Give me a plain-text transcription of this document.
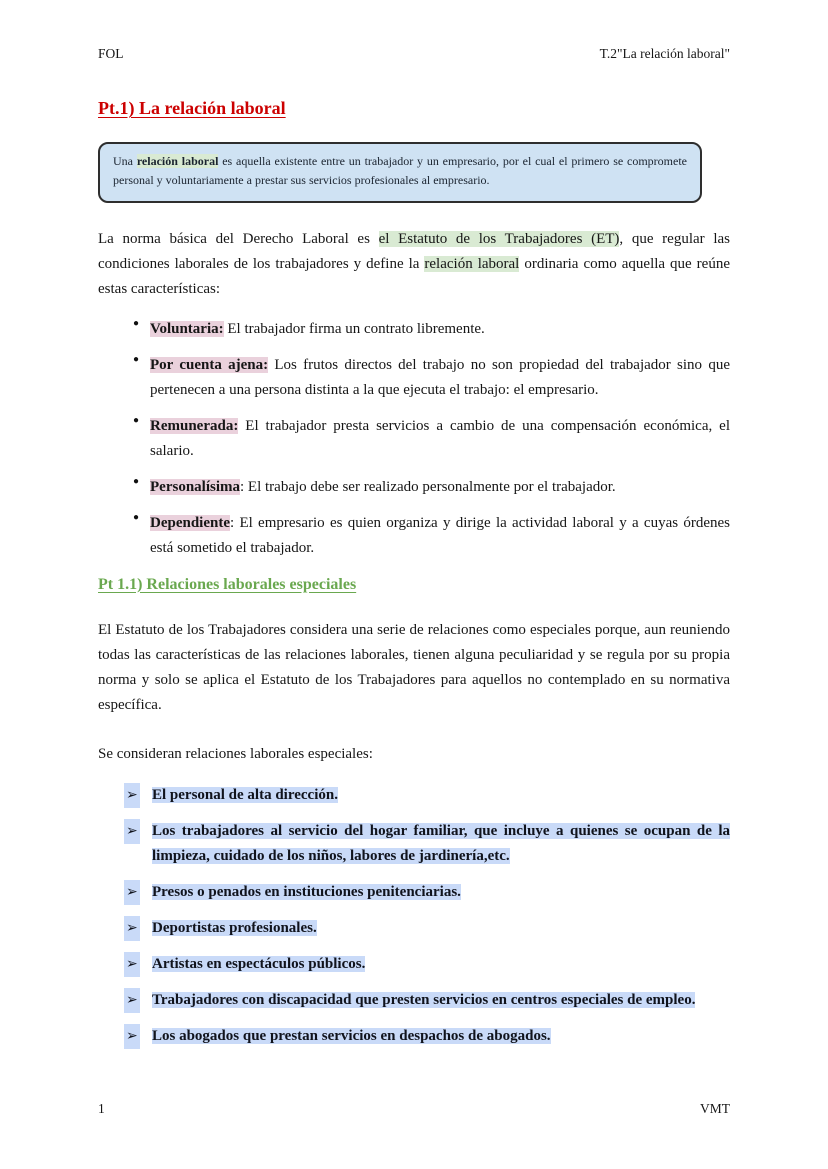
FOL	T.2"La relación laboral"
Pt.1) La relación laboral

Una relación laboral es aquella existente entre un trabajador y un empresario, por el cual el primero se compromete personal y voluntariamente a prestar sus servicios profesionales al empresario.

La norma básica del Derecho Laboral es el Estatuto de los Trabajadores (ET), que regular las condiciones laborales de los trabajadores y define la relación laboral ordinaria como aquella que reúne estas características:

● Voluntaria: El trabajador firma un contrato libremente.

● Por cuenta ajena: Los frutos directos del trabajo no son propiedad del trabajador sino que pertenecen a una persona distinta a la que ejecuta el trabajo: el empresario.

● Remunerada: El trabajador presta servicios a cambio de una compensación económica, el salario.

● Personalísima: El trabajo debe ser realizado personalmente por el trabajador.

● Dependiente: El empresario es quien organiza y dirige la actividad laboral y a cuyas órdenes está sometido el trabajador.

Pt 1.1) Relaciones laborales especiales

El Estatuto de los Trabajadores considera una serie de relaciones como especiales porque, aun reuniendo todas las características de las relaciones laborales, tienen alguna peculiaridad y se regula por su propia norma y solo se aplica el Estatuto de los Trabajadores para aquellos no contemplado en su normativa específica.

Se consideran relaciones laborales especiales:

➢ El personal de alta dirección.

➢ Los trabajadores al servicio del hogar familiar, que incluye a quienes se ocupan de la limpieza, cuidado de los niños, labores de jardinería,etc.

➢ Presos o penados en instituciones penitenciarias.

➢ Deportistas profesionales.

➢ Artistas en espectáculos públicos.

➢ Trabajadores con discapacidad que presten servicios en centros especiales de empleo.

➢ Los abogados que prestan servicios en despachos de abogados.

1	VMT
